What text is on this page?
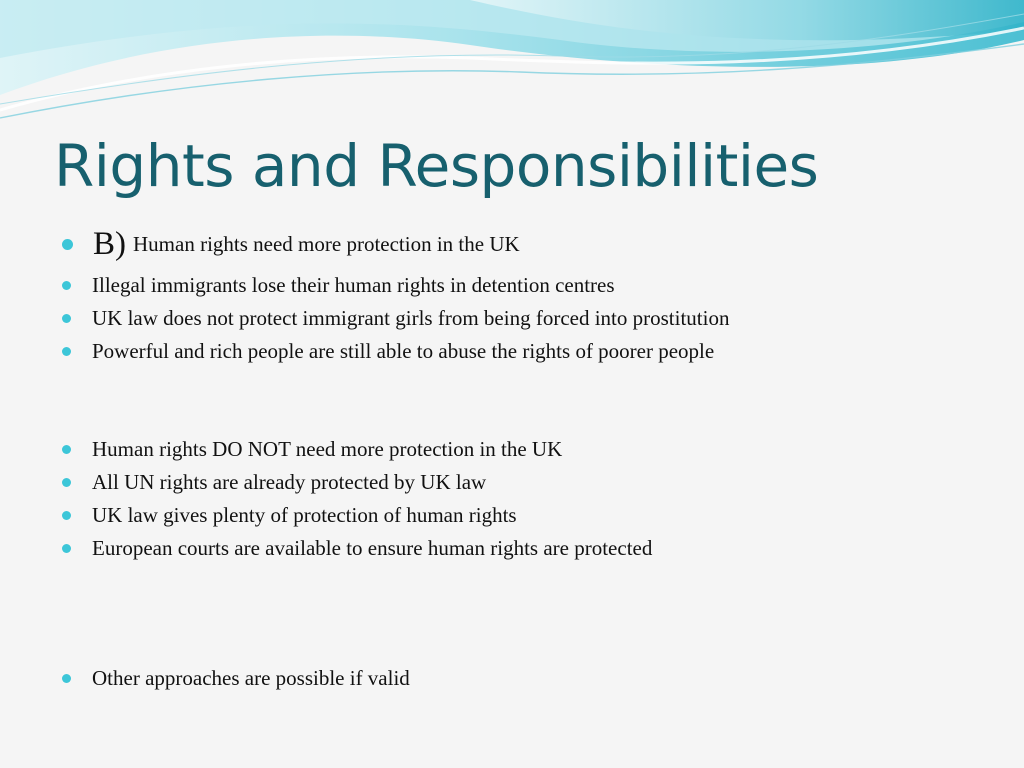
Rights and Responsibilities
B) Human rights need more protection in the UK
Illegal immigrants lose their human rights in detention centres
UK law does not protect immigrant girls from being forced into prostitution
Powerful and rich people are still able to abuse the rights of poorer people
Human rights DO NOT need more protection in the UK
All UN rights are already protected by UK law
UK law gives plenty of protection of human rights
European courts are available to ensure human rights are protected
Other approaches are possible if valid
